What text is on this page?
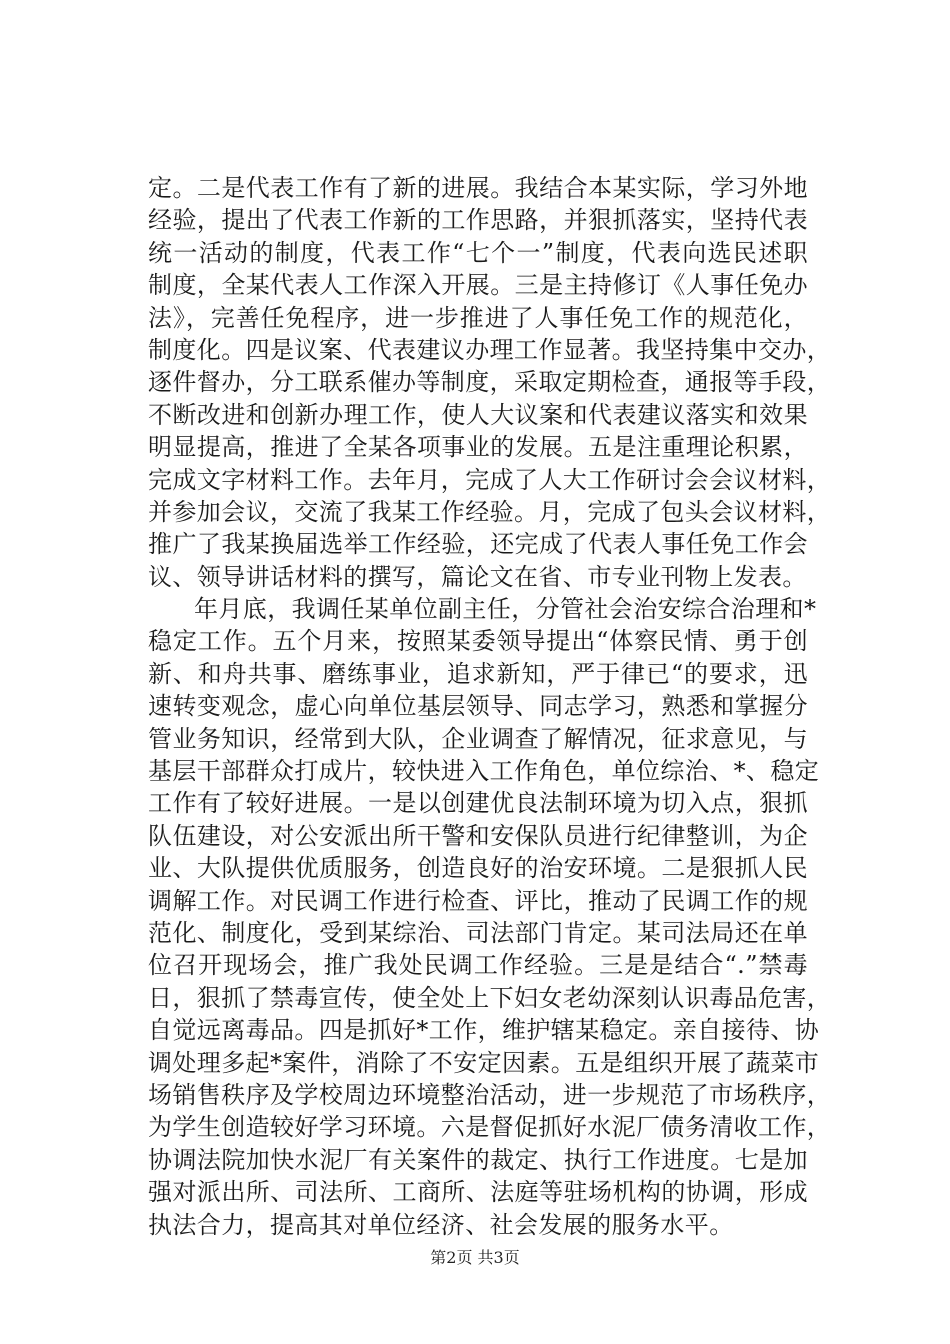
定。二是代表工作有了新的进展。我结合本某实际，学习外地
经验，提出了代表工作新的工作思路，并狠抓落实，坚持代表
统一活动的制度，代表工作“七个一”制度，代表向选民述职
制度，全某代表人工作深入开展。三是主持修订《人事任免办
法》，完善任免程序，进一步推进了人事任免工作的规范化，
制度化。四是议案、代表建议办理工作显著。我坚持集中交办，
逐件督办，分工联系催办等制度，采取定期检查，通报等手段，
不断改进和创新办理工作，使人大议案和代表建议落实和效果
明显提高，推进了全某各项事业的发展。五是注重理论积累，
完成文字材料工作。去年月，完成了人大工作研讨会会议材料，
并参加会议，交流了我某工作经验。月，完成了包头会议材料，
推广了我某换届选举工作经验，还完成了代表人事任免工作会
议、领导讲话材料的撰写，篇论文在省、市专业刊物上发表。
年月底，我调任某单位副主任，分管社会治安综合治理和*
稳定工作。五个月来，按照某委领导提出“体察民情、勇于创
新、和舟共事、磨练事业，追求新知，严于律已“的要求，迅
速转变观念，虚心向单位基层领导、同志学习，熟悉和掌握分
管业务知识，经常到大队，企业调查了解情况，征求意见，与
基层干部群众打成片，较快进入工作角色，单位综治、*、稳定
工作有了较好进展。一是以创建优良法制环境为切入点，狠抓
队伍建设，对公安派出所干警和安保队员进行纪律整训，为企
业、大队提供优质服务，创造良好的治安环境。二是狠抓人民
调解工作。对民调工作进行检查、评比，推动了民调工作的规
范化、制度化，受到某综治、司法部门肯定。某司法局还在单
位召开现场会，推广我处民调工作经验。三是是结合“.”禁毒
日，狠抓了禁毒宣传，使全处上下妇女老幼深刻认识毒品危害，
自觉远离毒品。四是抓好*工作，维护辖某稳定。亲自接待、协
调处理多起*案件，消除了不安定因素。五是组织开展了蔬菜市
场销售秩序及学校周边环境整治活动，进一步规范了市场秩序，
为学生创造较好学习环境。六是督促抓好水泥厂债务清收工作，
协调法院加快水泥厂有关案件的裁定、执行工作进度。七是加
强对派出所、司法所、工商所、法庭等驻场机构的协调，形成
执法合力，提高其对单位经济、社会发展的服务水平。
第2页 共3页
